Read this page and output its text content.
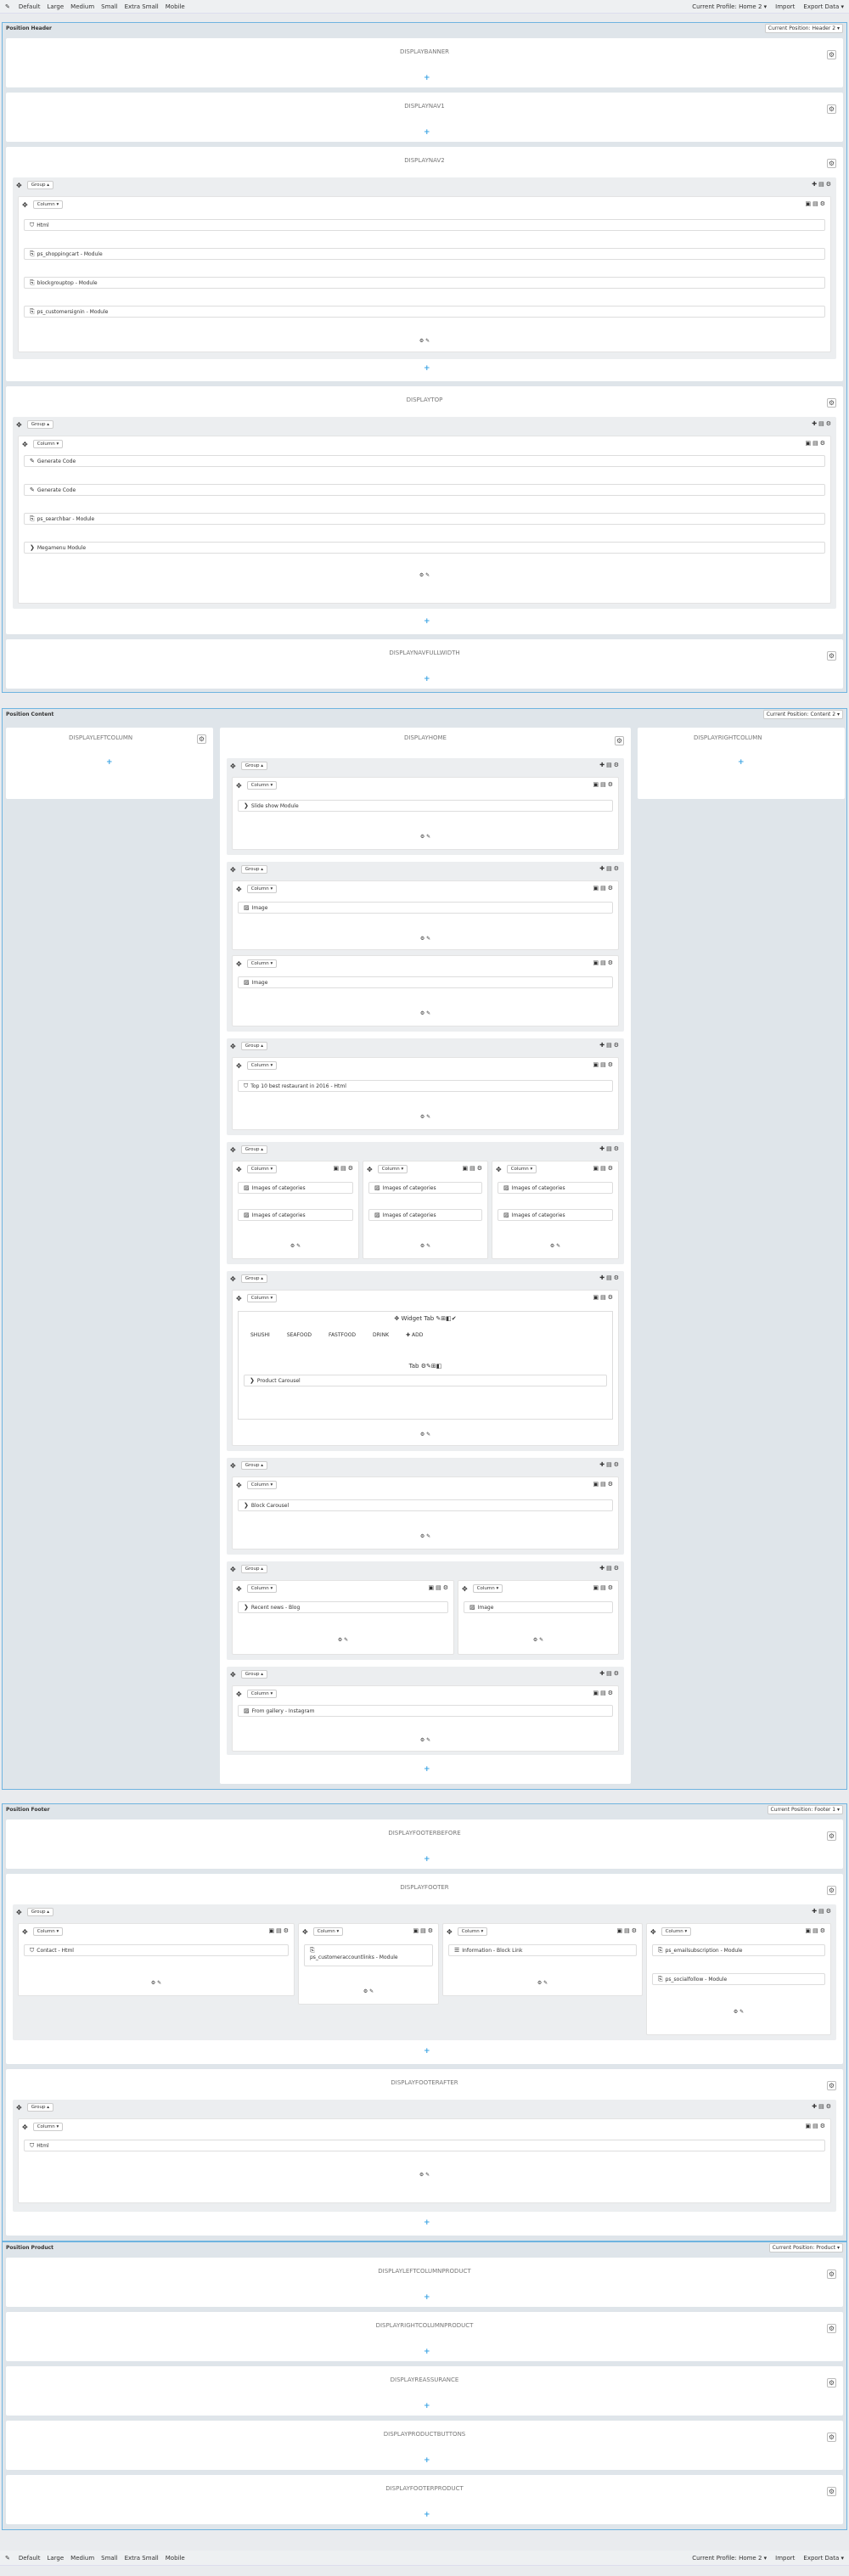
✎ Default Large Medium Small Extra Small Mobile	Current Profile: Home 2 ▾ Import Export Data ▾
Position Header	Current Position: Header 2 ▾
DISPLAYBANNER	⚙
+
DISPLAYNAV1	⚙
+
DISPLAYNAV2	⚙
✥	Group ▴	✚▤⚙
✥	Column ▾	▣▤⚙
⛉ Html
⎘ ps_shoppingcart - Module
⎘ blockgrouptop - Module
⎘ ps_customersignin - Module
⚙ ✎
+
DISPLAYTOP	⚙
✥	Group ▴	✚▤⚙
✥	Column ▾	▣▤⚙
✎ Generate Code
✎ Generate Code
⎘ ps_searchbar - Module
❯ Megamenu Module
⚙ ✎
+
DISPLAYNAVFULLWIDTH	⚙
+
Position Content	Current Position: Content 2 ▾
DISPLAYLEFTCOLUMN	⚙
+
DISPLAYHOME	⚙
✥	Group ▴	✚▤⚙
✥	Column ▾	▣▤⚙
❯ Slide show Module
⚙ ✎
✥	Group ▴	✚▤⚙
✥	Column ▾	▣▤⚙
▨ Image
⚙ ✎
✥	Column ▾	▣▤⚙
▨ Image
⚙ ✎
✥	Group ▴	✚▤⚙
✥	Column ▾	▣▤⚙
⛉ Top 10 best restaurant in 2016 - Html
⚙ ✎
✥	Group ▴	✚▤⚙
✥	Column ▾	▣▤⚙
▨ Images of categories
▨ Images of categories
⚙ ✎
✥	Column ▾	▣▤⚙
▨ Images of categories
▨ Images of categories
⚙ ✎
✥	Column ▾	▣▤⚙
▨ Images of categories
▨ Images of categories
⚙ ✎
✥	Group ▴	✚▤⚙
✥	Column ▾	▣▤⚙
✥ Widget Tab ✎⊞◧✔
SHUSHI	SEAFOOD	FASTFOOD	DRINK	✚ ADD
Tab ⚙✎⊞◧
❯ Product Carousel
⚙ ✎
✥	Group ▴	✚▤⚙
✥	Column ▾	▣▤⚙
❯ Block Carousel
⚙ ✎
✥	Group ▴	✚▤⚙
✥	Column ▾	▣▤⚙
❯ Recent news - Blog
⚙ ✎
✥	Column ▾	▣▤⚙
▨ Image
⚙ ✎
✥	Group ▴	✚▤⚙
✥	Column ▾	▣▤⚙
▨ From gallery - Instagram
⚙ ✎
+
DISPLAYRIGHTCOLUMN
+
Position Footer	Current Position: Footer 1 ▾
DISPLAYFOOTERBEFORE	⚙
+
DISPLAYFOOTER	⚙
✥	Group ▴	✚▤⚙
✥	Column ▾	▣▤⚙
⛉ Contact - Html
⚙ ✎
✥	Column ▾	▣▤⚙
⎘
ps_customeraccountlinks - Module
⚙ ✎
✥	Column ▾	▣▤⚙
☰ Information - Block Link
⚙ ✎
✥	Column ▾	▣▤⚙
⎘ ps_emailsubscription - Module
⎘ ps_socialfollow - Module
⚙ ✎
+
DISPLAYFOOTERAFTER	⚙
✥	Group ▴	✚▤⚙
✥	Column ▾	▣▤⚙
⛉ Html
⚙ ✎
+
Position Product	Current Position: Product ▾
DISPLAYLEFTCOLUMNPRODUCT	⚙
+
DISPLAYRIGHTCOLUMNPRODUCT	⚙
+
DISPLAYREASSURANCE	⚙
+
DISPLAYPRODUCTBUTTONS	⚙
+
DISPLAYFOOTERPRODUCT	⚙
+
✎ Default Large Medium Small Extra Small Mobile	Current Profile: Home 2 ▾ Import Export Data ▾
